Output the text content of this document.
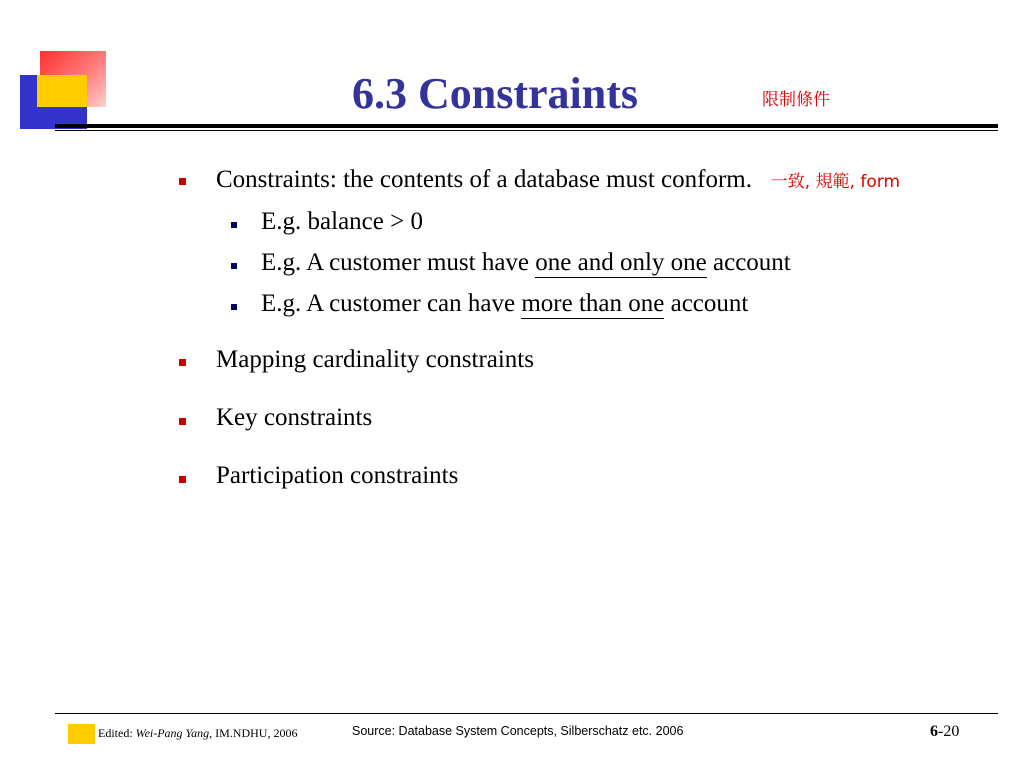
6.3 Constraints	限制條件
Constraints: the contents of a database must conform. 一致, 規範, form
E.g. balance > 0
E.g. A customer must have one and only one account
E.g. A customer can have more than one account
Mapping cardinality constraints
Key constraints
Participation constraints
Edited: Wei-Pang Yang, IM.NDHU, 2006	Source: Database System Concepts, Silberschatz etc. 2006	6-20
